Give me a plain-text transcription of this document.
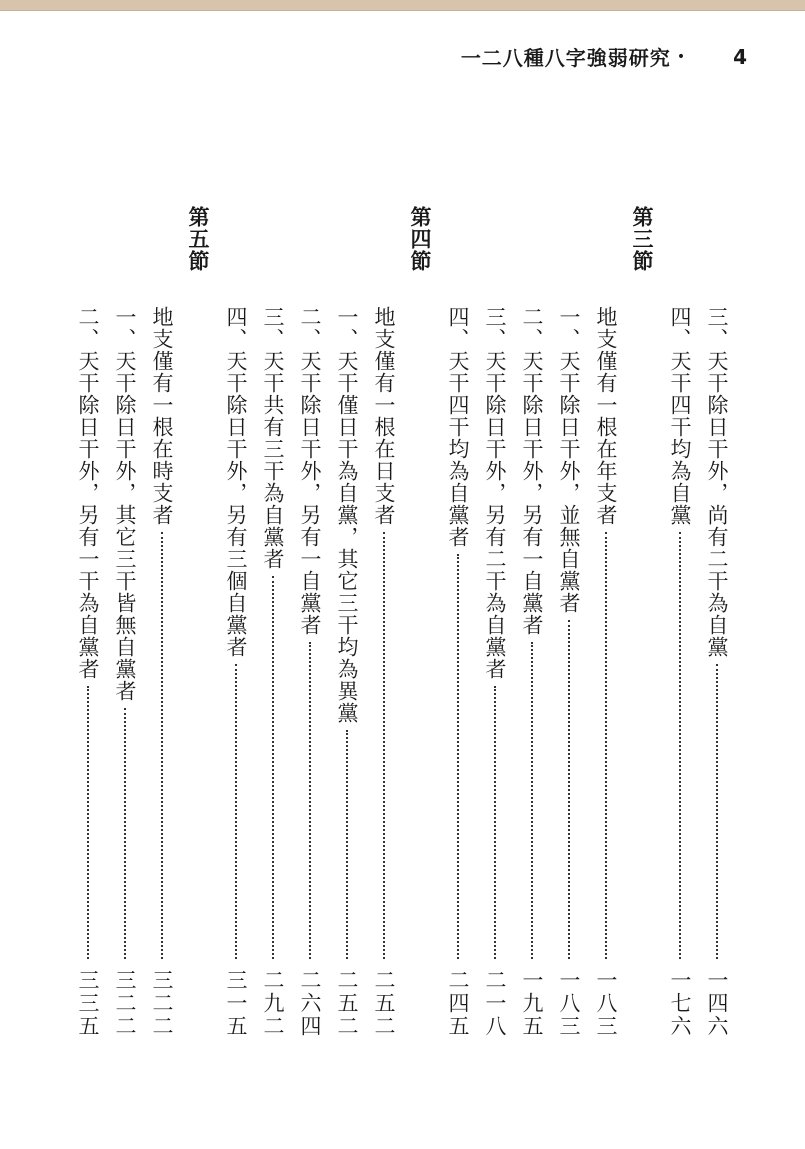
一二八種八字強弱研究 • 4
三、天干除日干外，尚有二干為自黨
一四六
四、天干四干均為自黨
一七六
第三節
地支僅有一根在年支者
一八三
一、天干除日干外，並無自黨者
一八三
二、天干除日干外，另有一自黨者
一九五
三、天干除日干外，另有二干為自黨者
二一八
四、天干四干均為自黨者
二四五
第四節
地支僅有一根在日支者
二五二
一、天干僅日干為自黨，其它三干均為異黨
二五二
二、天干除日干外，另有一自黨者
二六四
三、天干共有三干為自黨者
二九二
四、天干除日干外，另有三個自黨者
三一五
第五節
地支僅有一根在時支者
三二二
一、天干除日干外，其它三干皆無自黨者
三二二
二、天干除日干外，另有一干為自黨者
三三五
